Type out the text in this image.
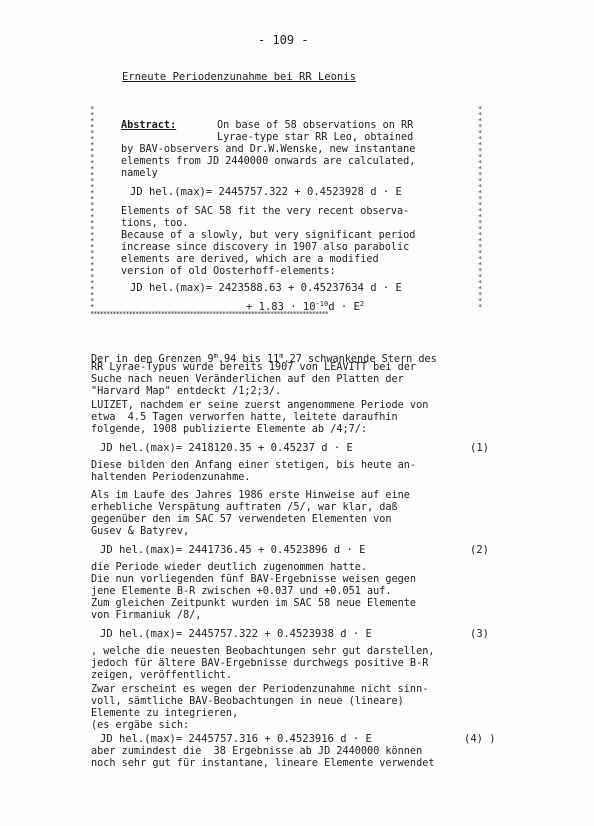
- 109 -
Erneute Periodenzunahme bei RR Leonis
*
*
*
*
*
*
*
*
*
*
*
*
*
*
*
*
*
*
*
*
*
*
*
*
*
*
*
*
*
*
*
*
*
*

*
*
*
*
*
*
*
*
*
*
*
*
*
*
*
*
*
*
*
*
*
*
*
*
*
*
*
*
*
*
*
*
*
*

**************************************************************************
Abstract:	On base of 58 observations on RR
Lyrae-type star RR Leo, obtained
by BAV-observers and Dr.W.Wenske, new instantane
elements from JD 2440000 onwards are calculated,
namely
JD hel.(max)= 2445757.322 + 0.4523928 d · E
Elements of SAC 58 fit the very recent observa-
tions, too.
Because of a slowly, but very significant period
increase since discovery in 1907 also parabolic
elements are derived, which are a modified
version of old Oosterhoff-elements:
JD hel.(max)= 2423588.63 + 0.45237634 d · E
+ $1.83 \cdot 10^{-10}d \cdot E^2$
Der in den Grenzen 9$^m$.94 bis 11$^m$.27 schwankende Stern des
RR Lyrae-Typus wurde bereits 1907 von LEAVITT bei der
Suche nach neuen Veränderlichen auf den Platten der
"Harvard Map" entdeckt /1;2;3/.
LUIZET, nachdem er seine zuerst angenommene Periode von
etwa  4.5 Tagen verworfen hatte, leitete daraufhin
folgende, 1908 publizierte Elemente ab /4;7/:
JD hel.(max)= 2418120.35 + 0.45237 d · E	(1)
Diese bilden den Anfang einer stetigen, bis heute an-
haltenden Periodenzunahme.
Als im Laufe des Jahres 1986 erste Hinweise auf eine
erhebliche Verspätung auftraten /5/, war klar, daß
gegenüber den im SAC 57 verwendeten Elementen von
Gusev & Batyrev,
JD hel.(max)= 2441736.45 + 0.4523896 d · E	(2)
die Periode wieder deutlich zugenommen hatte.
Die nun vorliegenden fünf BAV-Ergebnisse weisen gegen
jene Elemente B-R zwischen +0.037 und +0.051 auf.
Zum gleichen Zeitpunkt wurden im SAC 58 neue Elemente
von Firmaniuk /8/,
JD hel.(max)= 2445757.322 + 0.4523938 d · E	(3)
, welche die neuesten Beobachtungen sehr gut darstellen,
jedoch für ältere BAV-Ergebnisse durchwegs positive B-R
zeigen, veröffentlicht.
Zwar erscheint es wegen der Periodenzunahme nicht sinn-
voll, sämtliche BAV-Beobachtungen in neue (lineare)
Elemente zu integrieren,
(es ergäbe sich:
JD hel.(max)= 2445757.316 + 0.4523916 d · E	(4) )
aber zumindest die  38 Ergebnisse ab JD 2440000 können
noch sehr gut für instantane, lineare Elemente verwendet
